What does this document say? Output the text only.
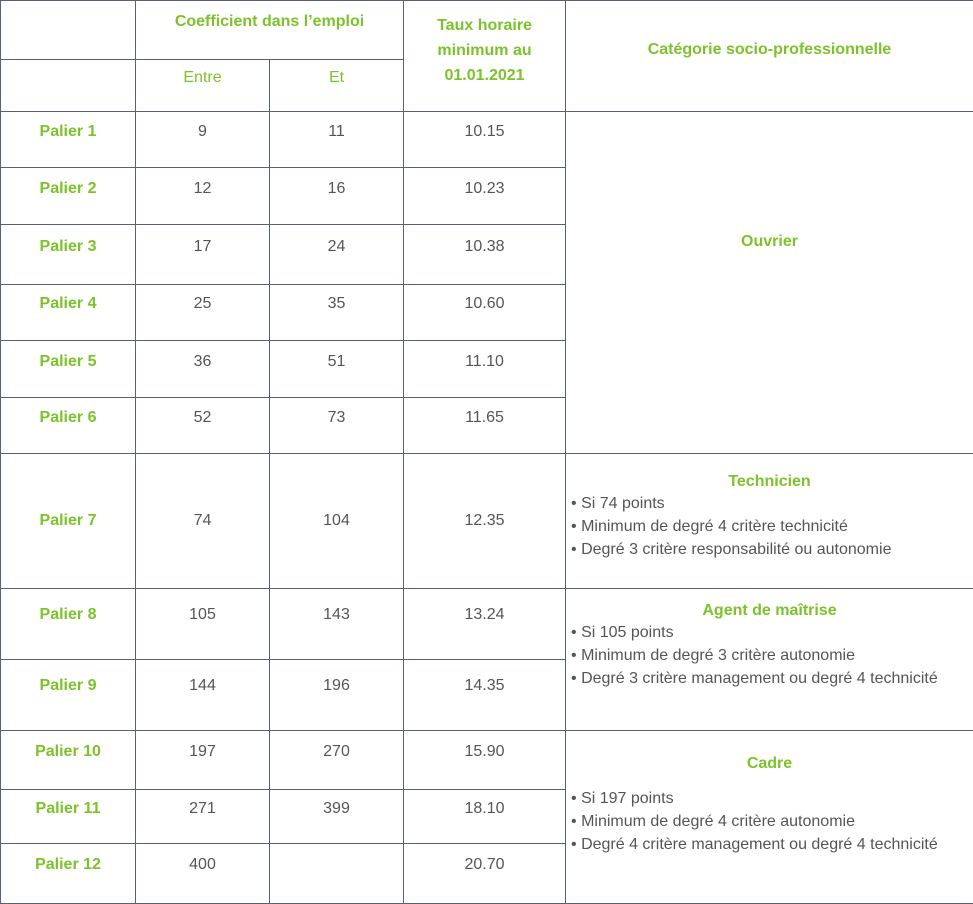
	Coefficient dans l’emploi		Taux horaire minimum au 01.01.2021	Catégorie socio-professionnelle
	Entre	Et		
Palier 1	9	11	10.15	Ouvrier
Palier 2	12	16	10.23	
Palier 3	17	24	10.38	
Palier 4	25	35	10.60	
Palier 5	36	51	11.10	
Palier 6	52	73	11.65	
Palier 7	74	104	12.35	Technicien
• Si 74 points
• Minimum de degré 4 critère technicité
• Degré 3 critère responsabilité ou autonomie

Palier 8	105	143	13.24	Agent de maîtrise
• Si 105 points
• Minimum de degré 3 critère autonomie
• Degré 3 critère management ou degré 4 technicité

Palier 9	144	196	14.35	
Palier 10	197	270	15.90	Cadre
• Si 197 points
• Minimum de degré 4 critère autonomie
• Degré 4 critère management ou degré 4 technicité

Palier 11	271	399	18.10	
Palier 12	400		20.70	
